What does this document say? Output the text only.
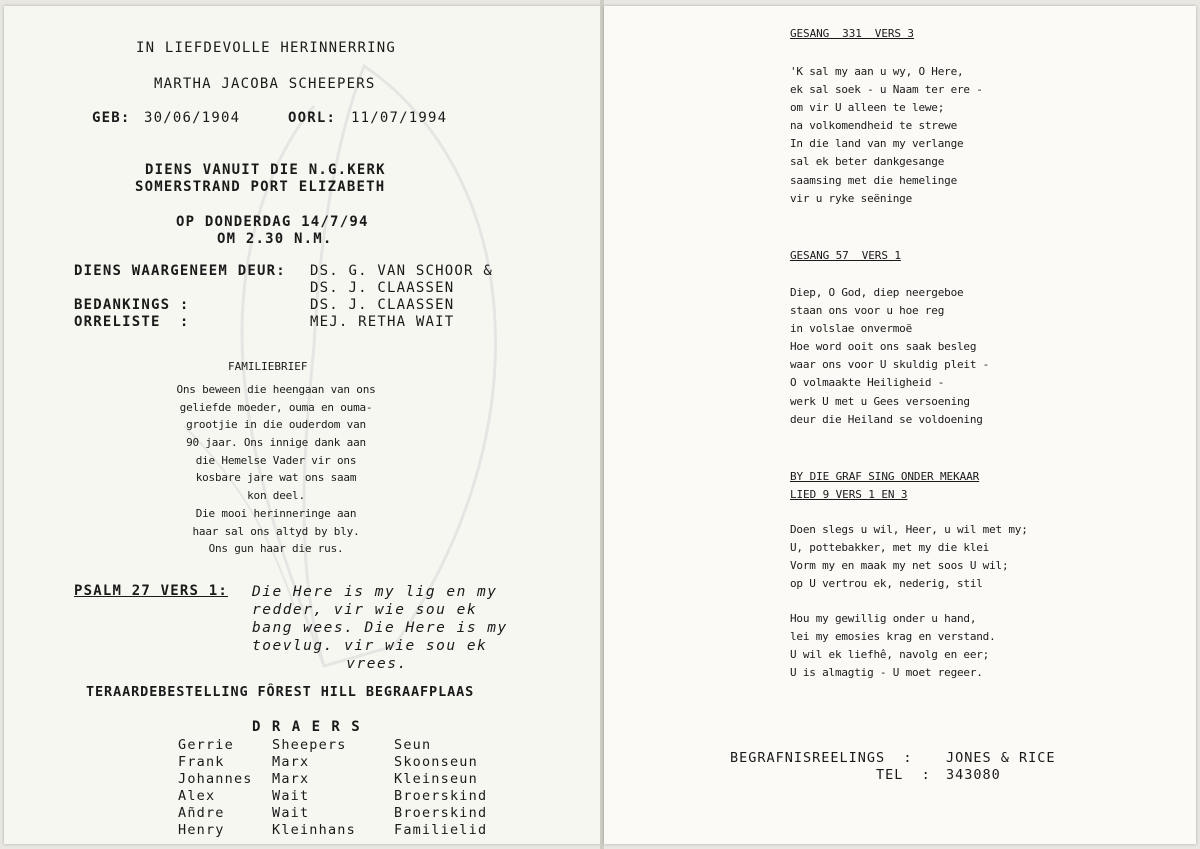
IN LIEFDEVOLLE HERINNERRING
MARTHA JACOBA SCHEEPERS
GEB: 30/06/1904	OORL: 11/07/1994
DIENS VANUIT DIE N.G.KERK
SOMERSTRAND PORT ELIZABETH
OP DONDERDAG 14/7/94
OM 2.30 N.M.
DIENS WAARGENEEM DEUR: DS. G. VAN SCHOOR &
DS. J. CLAASSEN
BEDANKINGS :	DS. J. CLAASSEN
ORRELISTE  :	MEJ. RETHA WAIT
FAMILIEBRIEF
Ons beween die heengaan van ons
geliefde moeder, ouma en ouma-
grootjie in die ouderdom van
90 jaar. Ons innige dank aan
die Hemelse Vader vir ons
kosbare jare wat ons saam
kon deel.
Die mooi herinneringe aan
haar sal ons altyd by bly.
Ons gun haar die rus.
PSALM 27 VERS 1: Die Here is my lig en my
redder, vir wie sou ek
bang wees. Die Here is my
toevlug. vir wie sou ek
vrees.
TERAARDEBESTELLING FÔREST HILL BEGRAAFPLAAS
D R A E R S
Gerrie	Sheepers	Seun
Frank	Marx	Skoonseun
Johannes	Marx	Kleinseun
Alex	Wait	Broerskind
Añdre	Wait	Broerskind
Henry	Kleinhans	Familielid
GESANG  331  VERS 3
'K sal my aan u wy, O Here,
ek sal soek - u Naam ter ere -
om vir U alleen te lewe;
na volkomendheid te strewe
In die land van my verlange
sal ek beter dankgesange
saamsing met die hemelinge
vir u ryke seëninge
GESANG 57  VERS 1
Diep, O God, diep neergeboe
staan ons voor u hoe reg
in volslae onvermoë
Hoe word ooit ons saak besleg
waar ons voor U skuldig pleit -
O volmaakte Heiligheid -
werk U met u Gees versoening
deur die Heiland se voldoening
BY DIE GRAF SING ONDER MEKAAR
LIED 9 VERS 1 EN 3
Doen slegs u wil, Heer, u wil met my;
U, pottebakker, met my die klei
Vorm my en maak my net soos U wil;
op U vertrou ek, nederig, stil
Hou my gewillig onder u hand,
lei my emosies krag en verstand.
U wil ek liefhê, navolg en eer;
U is almagtig - U moet regeer.
BEGRAFNISREELINGS  : JONES & RICE
TEL  : 343080
